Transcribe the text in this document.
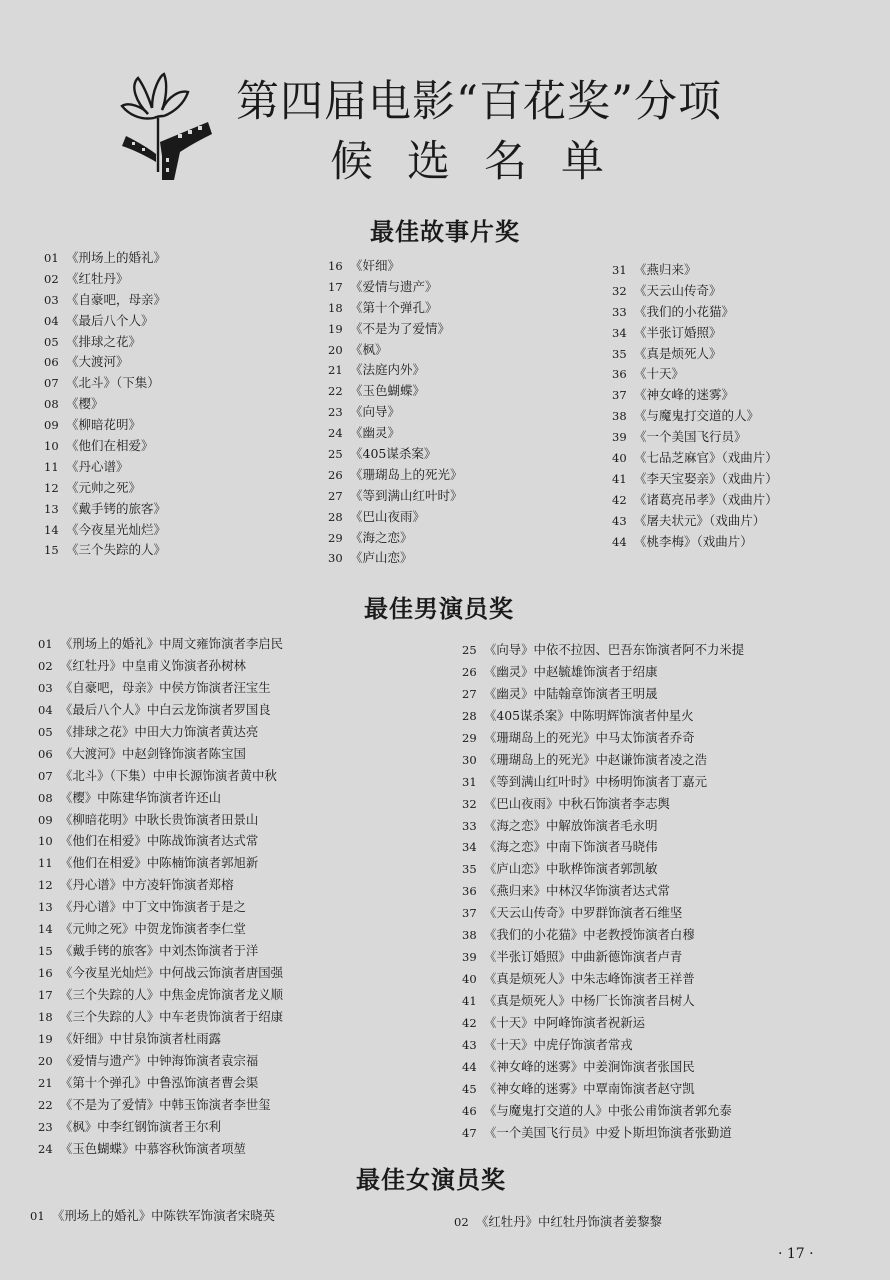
第四届电影“百花奖”分项
候选名单
最佳故事片奖
01 《刑场上的婚礼》
02 《红牡丹》
03 《自豪吧，母亲》
04 《最后八个人》
05 《排球之花》
06 《大渡河》
07 《北斗》（下集）
08 《樱》
09 《柳暗花明》
10 《他们在相爱》
11 《丹心谱》
12 《元帅之死》
13 《戴手铐的旅客》
14 《今夜星光灿烂》
15 《三个失踪的人》
16 《奸细》
17 《爱情与遗产》
18 《第十个弹孔》
19 《不是为了爱情》
20 《枫》
21 《法庭内外》
22 《玉色蝴蝶》
23 《向导》
24 《幽灵》
25 《405谋杀案》
26 《珊瑚岛上的死光》
27 《等到满山红叶时》
28 《巴山夜雨》
29 《海之恋》
30 《庐山恋》
31 《燕归来》
32 《天云山传奇》
33 《我们的小花猫》
34 《半张订婚照》
35 《真是烦死人》
36 《十天》
37 《神女峰的迷雾》
38 《与魔鬼打交道的人》
39 《一个美国飞行员》
40 《七品芝麻官》（戏曲片）
41 《李天宝娶亲》（戏曲片）
42 《诸葛亮吊孝》（戏曲片）
43 《屠夫状元》（戏曲片）
44 《桃李梅》（戏曲片）
最佳男演员奖
01 《刑场上的婚礼》中周文雍饰演者李启民
02 《红牡丹》中皇甫义饰演者孙树林
03 《自豪吧，母亲》中侯方饰演者汪宝生
04 《最后八个人》中白云龙饰演者罗国良
05 《排球之花》中田大力饰演者黄达亮
06 《大渡河》中赵剑锋饰演者陈宝国
07 《北斗》（下集）中申长源饰演者黄中秋
08 《樱》中陈建华饰演者许还山
09 《柳暗花明》中耿长贵饰演者田景山
10 《他们在相爱》中陈战饰演者达式常
11 《他们在相爱》中陈楠饰演者郭旭新
12 《丹心谱》中方凌轩饰演者郑榕
13 《丹心谱》中丁文中饰演者于是之
14 《元帅之死》中贺龙饰演者李仁堂
15 《戴手铐的旅客》中刘杰饰演者于洋
16 《今夜星光灿烂》中何战云饰演者唐国强
17 《三个失踪的人》中焦金虎饰演者龙义顺
18 《三个失踪的人》中车老贵饰演者于绍康
19 《奸细》中甘泉饰演者杜雨露
20 《爱情与遗产》中钟海饰演者袁宗福
21 《第十个弹孔》中鲁泓饰演者曹会渠
22 《不是为了爱情》中韩玉饰演者李世玺
23 《枫》中李红钢饰演者王尔利
24 《玉色蝴蝶》中慕容秋饰演者项堃
25 《向导》中依不拉因、巴吾东饰演者阿不力米提
26 《幽灵》中赵毓雄饰演者于绍康
27 《幽灵》中陆翰章饰演者王明晟
28 《405谋杀案》中陈明辉饰演者仲星火
29 《珊瑚岛上的死光》中马太饰演者乔奇
30 《珊瑚岛上的死光》中赵谦饰演者凌之浩
31 《等到满山红叶时》中杨明饰演者丁嘉元
32 《巴山夜雨》中秋石饰演者李志舆
33 《海之恋》中解放饰演者毛永明
34 《海之恋》中南下饰演者马晓伟
35 《庐山恋》中耿桦饰演者郭凯敏
36 《燕归来》中林汉华饰演者达式常
37 《天云山传奇》中罗群饰演者石维坚
38 《我们的小花猫》中老教授饰演者白穆
39 《半张订婚照》中曲新德饰演者卢青
40 《真是烦死人》中朱志峰饰演者王祥普
41 《真是烦死人》中杨厂长饰演者吕树人
42 《十天》中阿峰饰演者祝新运
43 《十天》中虎仔饰演者常戎
44 《神女峰的迷雾》中姜涧饰演者张国民
45 《神女峰的迷雾》中覃南饰演者赵守凯
46 《与魔鬼打交道的人》中张公甫饰演者郭允泰
47 《一个美国飞行员》中爱卜斯坦饰演者张勤道
最佳女演员奖
01 《刑场上的婚礼》中陈铁军饰演者宋晓英	02 《红牡丹》中红牡丹饰演者姜黎黎
· 17 ·
